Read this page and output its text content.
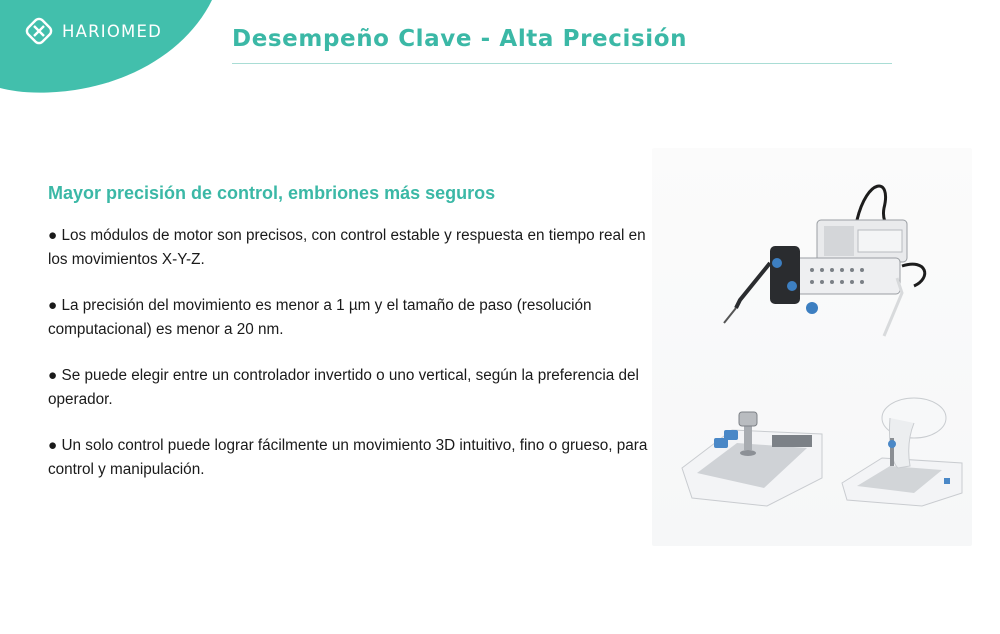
HARIOMED	Desempeño Clave - Alta Precisión
Mayor precisión de control, embriones más seguros

● Los módulos de motor son precisos, con control estable y respuesta en tiempo real en los movimientos X-Y-Z.

● La precisión del movimiento es menor a 1 µm y el tamaño de paso (resolución computacional) es menor a 20 nm.

● Se puede elegir entre un controlador invertido o uno vertical, según la preferencia del operador.

● Un solo control puede lograr fácilmente un movimiento 3D intuitivo, fino o grueso, para control y manipulación.
